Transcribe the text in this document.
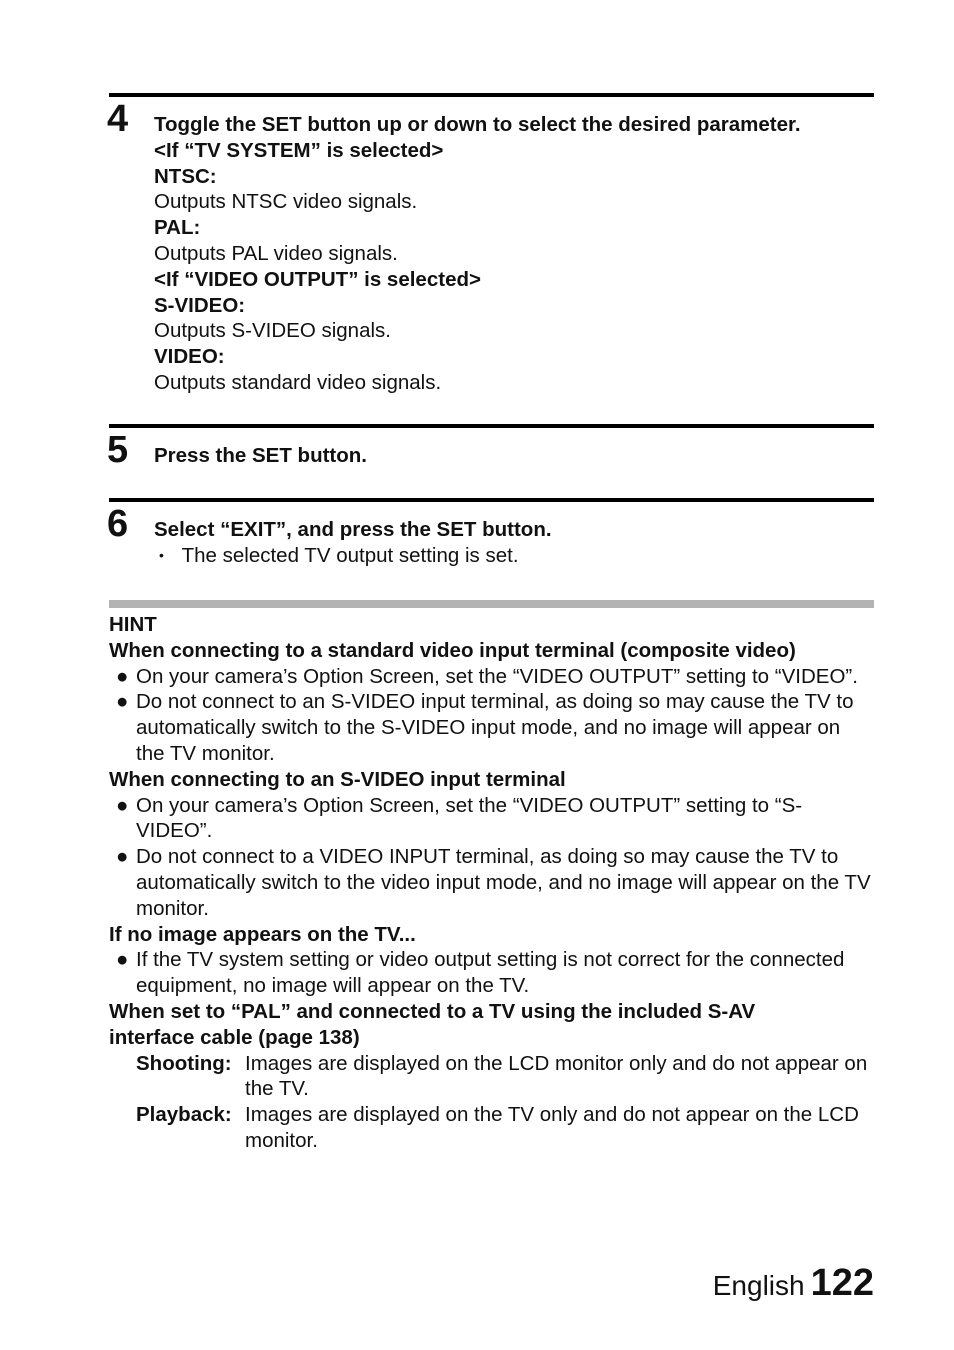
4 Toggle the SET button up or down to select the desired parameter.
<If “TV SYSTEM” is selected>
NTSC:
Outputs NTSC video signals.
PAL:
Outputs PAL video signals.
<If “VIDEO OUTPUT” is selected>
S-VIDEO:
Outputs S-VIDEO signals.
VIDEO:
Outputs standard video signals.
5 Press the SET button.
6 Select “EXIT”, and press the SET button.
• The selected TV output setting is set.
HINT
When connecting to a standard video input terminal (composite video)
● On your camera’s Option Screen, set the “VIDEO OUTPUT” setting to “VIDEO”.
● Do not connect to an S-VIDEO input terminal, as doing so may cause the TV to automatically switch to the S-VIDEO input mode, and no image will appear on the TV monitor.
When connecting to an S-VIDEO input terminal
● On your camera’s Option Screen, set the “VIDEO OUTPUT” setting to “S-VIDEO”.
● Do not connect to a VIDEO INPUT terminal, as doing so may cause the TV to automatically switch to the video input mode, and no image will appear on the TV monitor.
If no image appears on the TV...
● If the TV system setting or video output setting is not correct for the connected equipment, no image will appear on the TV.
When set to “PAL” and connected to a TV using the included S-AV interface cable (page 138)
Shooting: Images are displayed on the LCD monitor only and do not appear on the TV.
Playback: Images are displayed on the TV only and do not appear on the LCD monitor.
English 122
